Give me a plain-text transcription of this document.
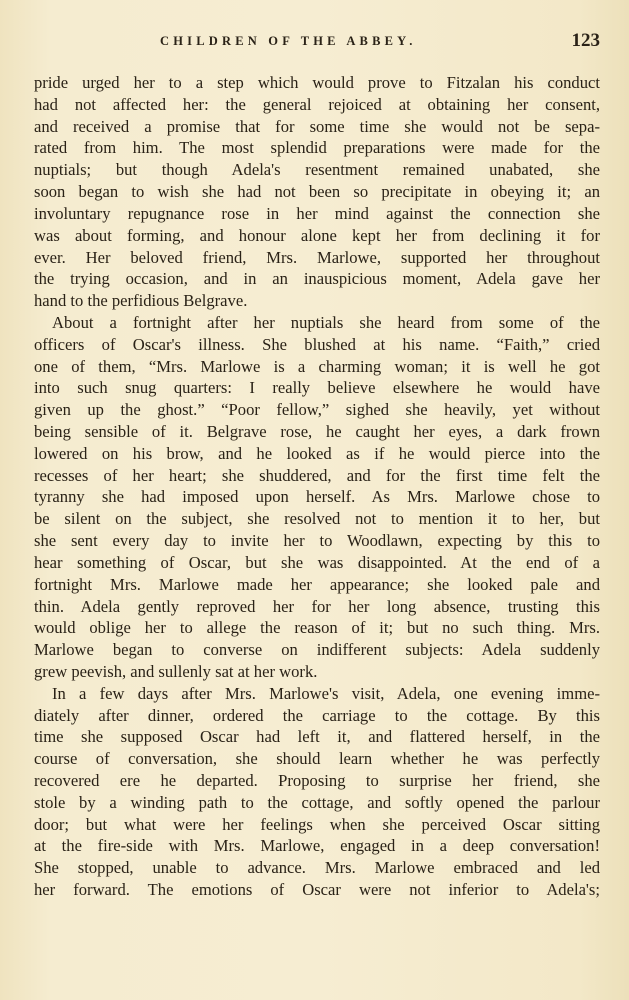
CHILDREN OF THE ABBEY.	123
pride urged her to a step which would prove to Fitzalan his conduct
had not affected her: the general rejoiced at obtaining her consent,
and received a promise that for some time she would not be sepa-
rated from him. The most splendid preparations were made for the
nuptials; but though Adela's resentment remained unabated, she
soon began to wish she had not been so precipitate in obeying it; an
involuntary repugnance rose in her mind against the connection she
was about forming, and honour alone kept her from declining it for
ever. Her beloved friend, Mrs. Marlowe, supported her throughout
the trying occasion, and in an inauspicious moment, Adela gave her
hand to the perfidious Belgrave.
About a fortnight after her nuptials she heard from some of the
officers of Oscar's illness. She blushed at his name. “Faith,” cried
one of them, “Mrs. Marlowe is a charming woman; it is well he got
into such snug quarters: I really believe elsewhere he would have
given up the ghost.” “Poor fellow,” sighed she heavily, yet without
being sensible of it. Belgrave rose, he caught her eyes, a dark frown
lowered on his brow, and he looked as if he would pierce into the
recesses of her heart; she shuddered, and for the first time felt the
tyranny she had imposed upon herself. As Mrs. Marlowe chose to
be silent on the subject, she resolved not to mention it to her, but
she sent every day to invite her to Woodlawn, expecting by this to
hear something of Oscar, but she was disappointed. At the end of a
fortnight Mrs. Marlowe made her appearance; she looked pale and
thin. Adela gently reproved her for her long absence, trusting this
would oblige her to allege the reason of it; but no such thing. Mrs.
Marlowe began to converse on indifferent subjects: Adela suddenly
grew peevish, and sullenly sat at her work.
In a few days after Mrs. Marlowe's visit, Adela, one evening imme-
diately after dinner, ordered the carriage to the cottage. By this
time she supposed Oscar had left it, and flattered herself, in the
course of conversation, she should learn whether he was perfectly
recovered ere he departed. Proposing to surprise her friend, she
stole by a winding path to the cottage, and softly opened the parlour
door; but what were her feelings when she perceived Oscar sitting
at the fire-side with Mrs. Marlowe, engaged in a deep conversation!
She stopped, unable to advance. Mrs. Marlowe embraced and led
her forward. The emotions of Oscar were not inferior to Adela's;
